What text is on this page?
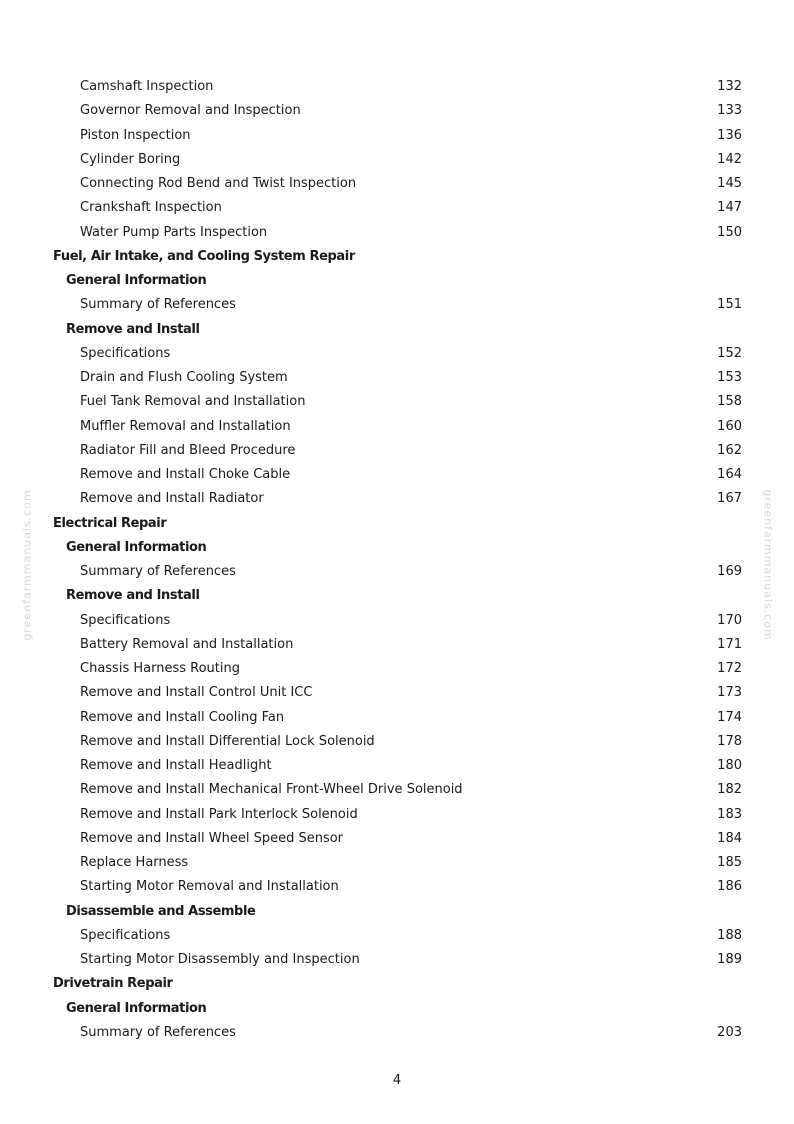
greenfarmmanuals.com	greenfarmmanuals.com
Camshaft Inspection	132
Governor Removal and Inspection	133
Piston Inspection	136
Cylinder Boring	142
Connecting Rod Bend and Twist Inspection	145
Crankshaft Inspection	147
Water Pump Parts Inspection	150
Fuel, Air Intake, and Cooling System Repair
General Information
Summary of References	151
Remove and Install
Specifications	152
Drain and Flush Cooling System	153
Fuel Tank Removal and Installation	158
Muffler Removal and Installation	160
Radiator Fill and Bleed Procedure	162
Remove and Install Choke Cable	164
Remove and Install Radiator	167
Electrical Repair
General Information
Summary of References	169
Remove and Install
Specifications	170
Battery Removal and Installation	171
Chassis Harness Routing	172
Remove and Install Control Unit ICC	173
Remove and Install Cooling Fan	174
Remove and Install Differential Lock Solenoid	178
Remove and Install Headlight	180
Remove and Install Mechanical Front-Wheel Drive Solenoid	182
Remove and Install Park Interlock Solenoid	183
Remove and Install Wheel Speed Sensor	184
Replace Harness	185
Starting Motor Removal and Installation	186
Disassemble and Assemble
Specifications	188
Starting Motor Disassembly and Inspection	189
Drivetrain Repair
General Information
Summary of References	203
4
